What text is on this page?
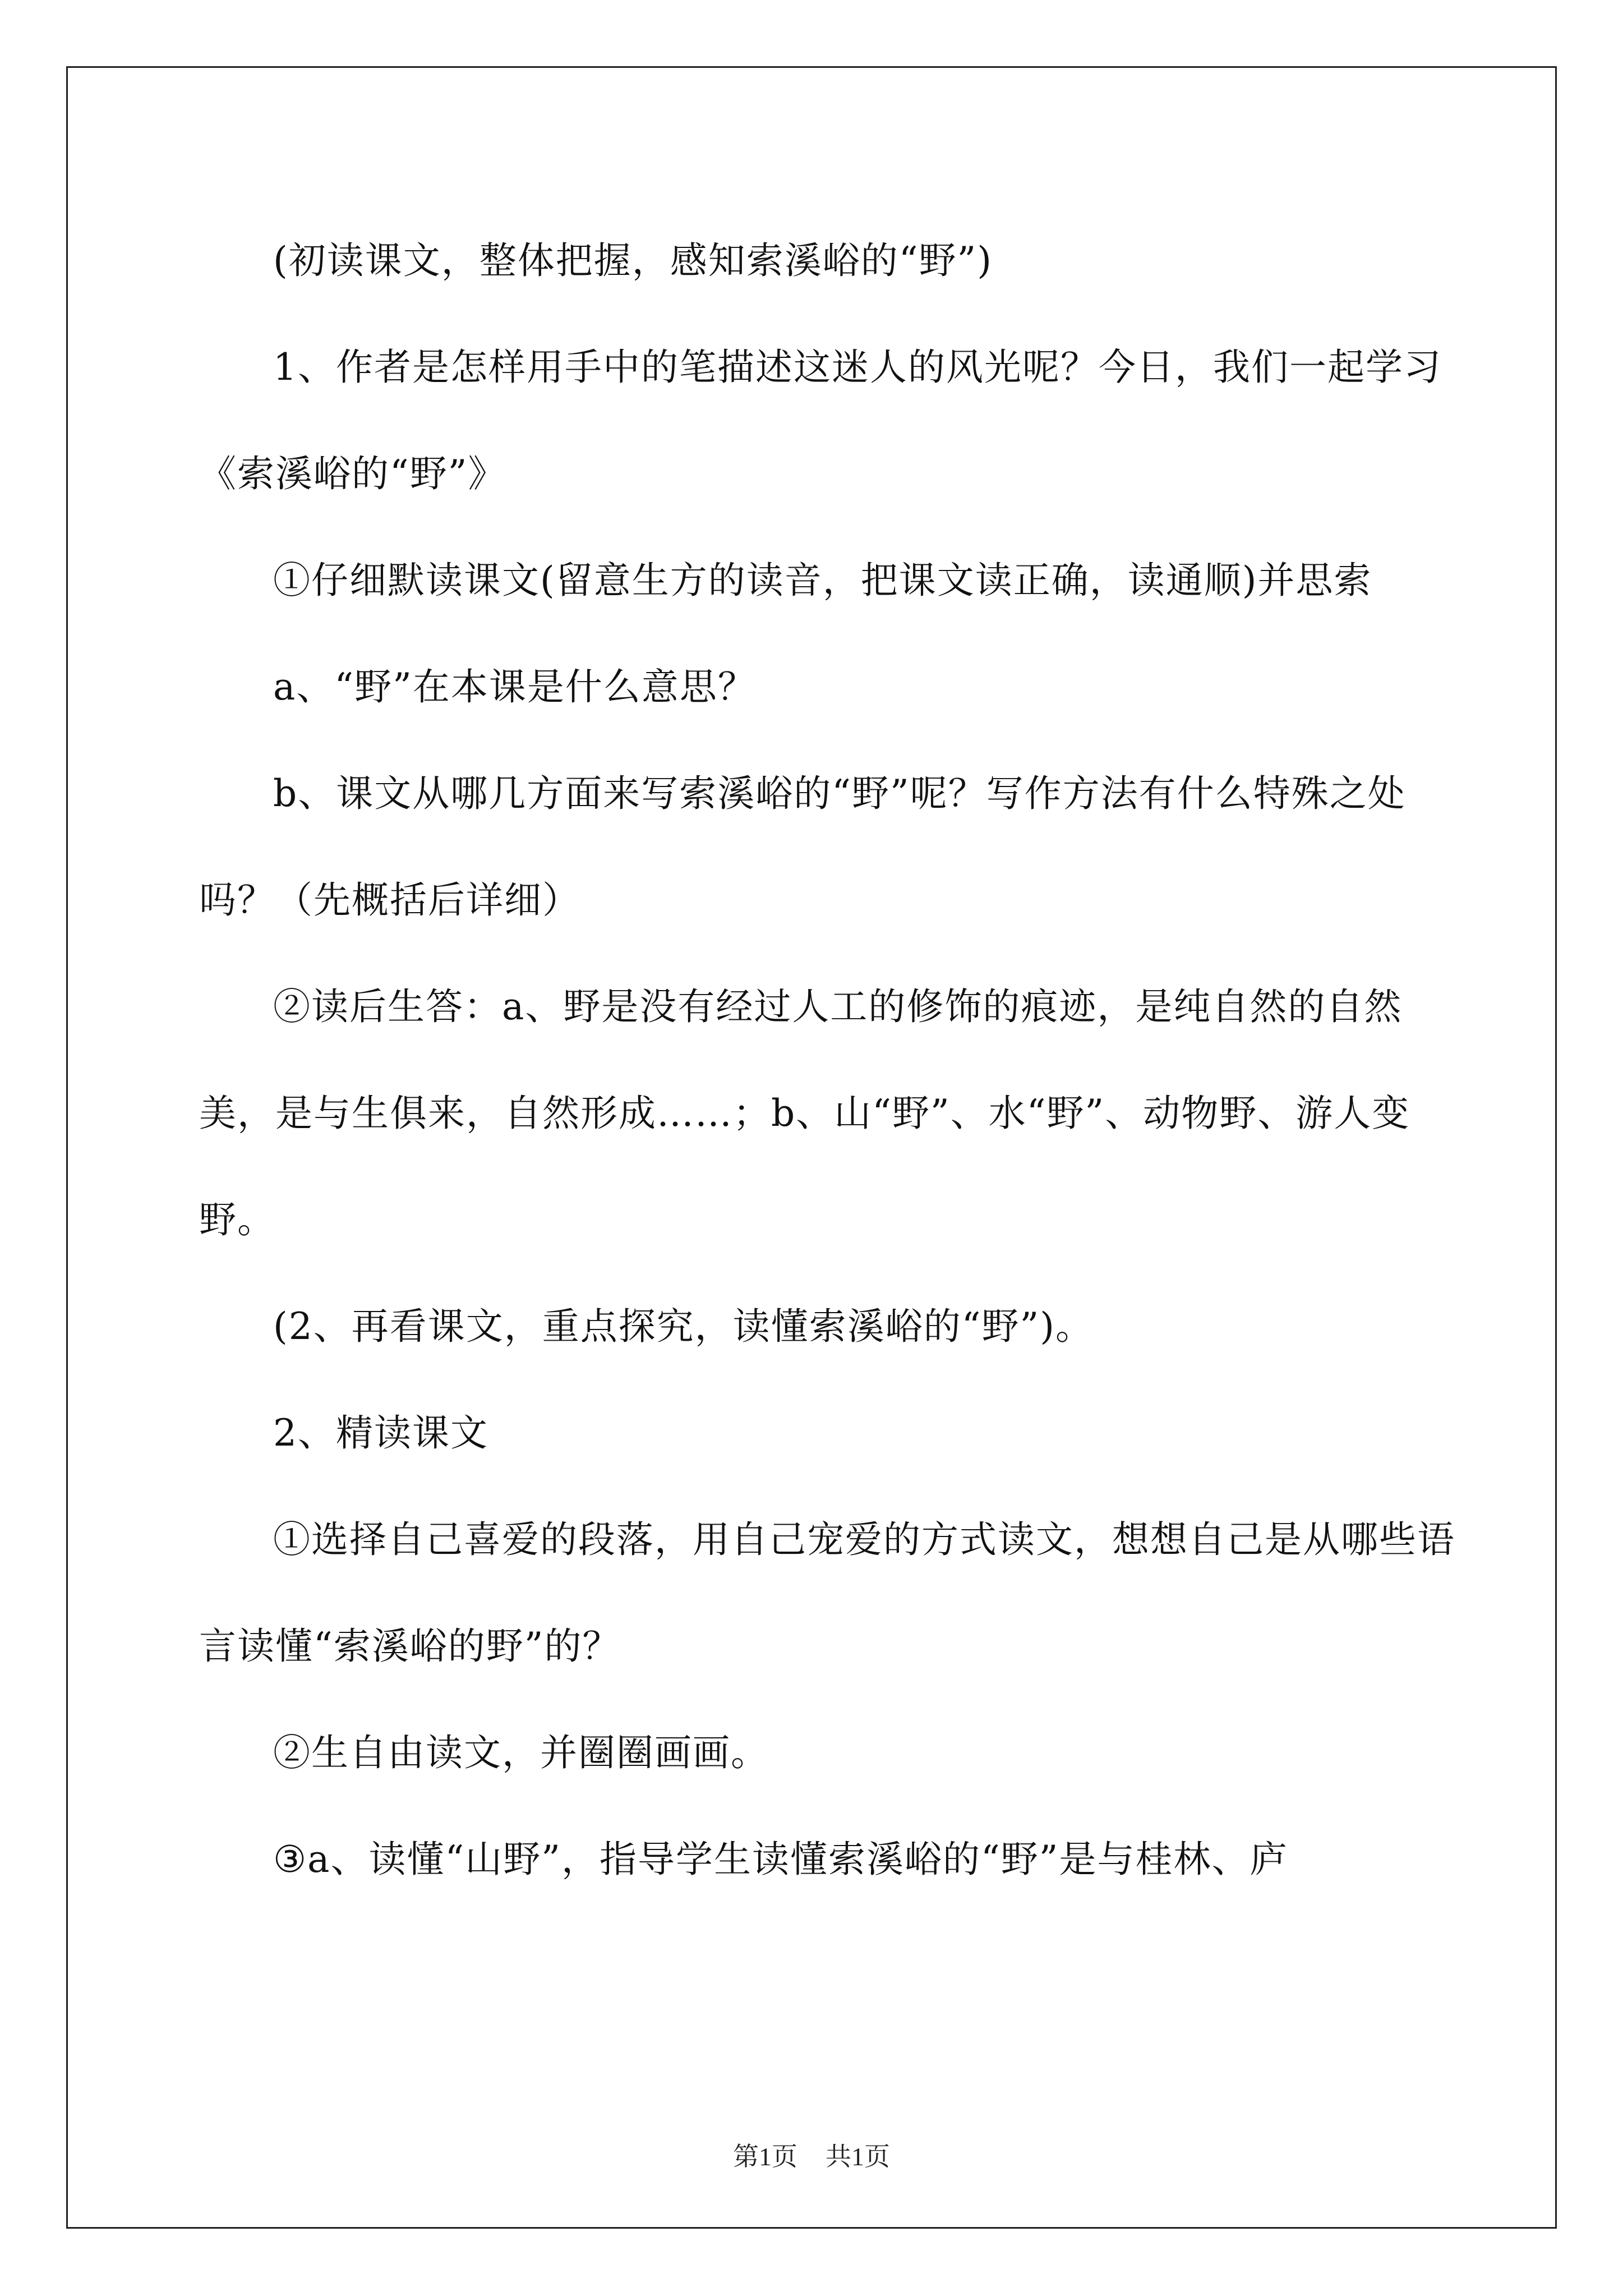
(初读课文，整体把握，感知索溪峪的“野”)

1、作者是怎样用手中的笔描述这迷人的风光呢？今日，我们一起学习《索溪峪的“野”》

①仔细默读课文(留意生方的读音，把课文读正确，读通顺)并思索

a、“野”在本课是什么意思？

b、课文从哪几方面来写索溪峪的“野”呢？写作方法有什么特殊之处吗？（先概括后详细）

②读后生答：a、野是没有经过人工的修饰的痕迹，是纯自然的自然美，是与生俱来，自然形成……；b、山“野”、水“野”、动物野、游人变野。

(2、再看课文，重点探究，读懂索溪峪的“野”)。

2、精读课文

①选择自己喜爱的段落，用自己宠爱的方式读文，想想自己是从哪些语言读懂“索溪峪的野”的？

②生自由读文，并圈圈画画。

③a、读懂“山野”，指导学生读懂索溪峪的“野”是与桂林、庐

第1页 共1页
